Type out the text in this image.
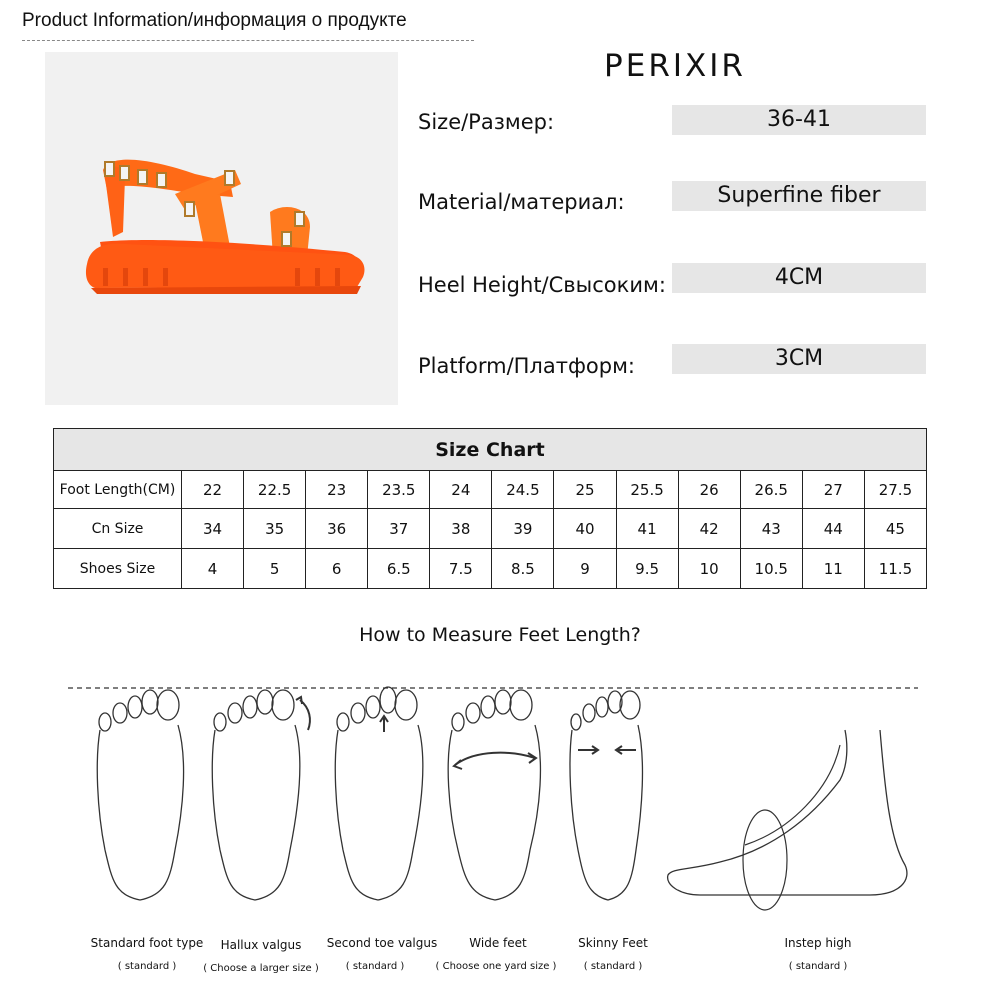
Product Information/информация о продукте
PERIXIR
Size/Размер:	36-41
Material/материал:	Superfine fiber
Heel Height/Свысоким:	4CM
Platform/Платформ:	3CM
Size Chart												
Foot Length(CM)	22	22.5	23	23.5	24	24.5	25	25.5	26	26.5	27	27.5
Cn Size	34	35	36	37	38	39	40	41	42	43	44	45
Shoes Size	4	5	6	6.5	7.5	8.5	9	9.5	10	10.5	11	11.5
How to Measure Feet Length?
Standard foot type
( standard )
Hallux valgus
( Choose a larger size )
Second toe valgus
( standard )
Wide feet
( Choose one yard size )
Skinny Feet
( standard )
Instep high
( standard )
